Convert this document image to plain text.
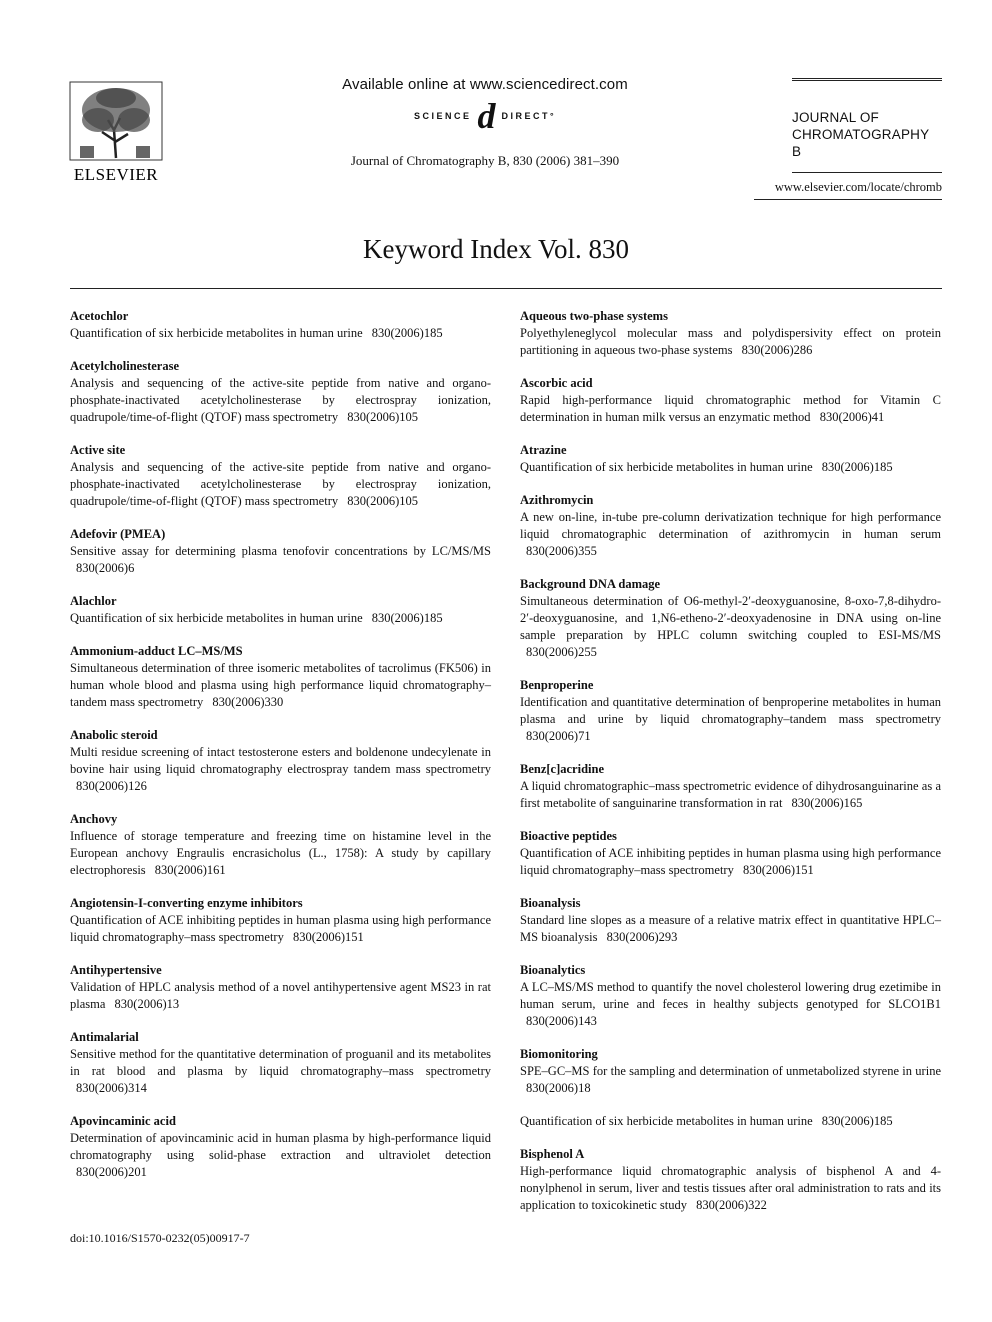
ELSEVIER
Available online at www.sciencedirect.com
SCIENCE d DIRECT°
Journal of Chromatography B, 830 (2006) 381–390
JOURNAL OF
CHROMATOGRAPHY B
www.elsevier.com/locate/chromb
Keyword Index Vol. 830
Acetochlor
Quantification of six herbicide metabolites in human urine 830(2006)185
Acetylcholinesterase
Analysis and sequencing of the active-site peptide from native and organo-phosphate-inactivated acetylcholinesterase by electrospray ionization, quadrupole/time-of-flight (QTOF) mass spectrometry 830(2006)105
Active site
Analysis and sequencing of the active-site peptide from native and organo-phosphate-inactivated acetylcholinesterase by electrospray ionization, quadrupole/time-of-flight (QTOF) mass spectrometry 830(2006)105
Adefovir (PMEA)
Sensitive assay for determining plasma tenofovir concentrations by LC/MS/MS 830(2006)6
Alachlor
Quantification of six herbicide metabolites in human urine 830(2006)185
Ammonium-adduct LC–MS/MS
Simultaneous determination of three isomeric metabolites of tacrolimus (FK506) in human whole blood and plasma using high performance liquid chromatography–tandem mass spectrometry 830(2006)330
Anabolic steroid
Multi residue screening of intact testosterone esters and boldenone undecylenate in bovine hair using liquid chromatography electrospray tandem mass spectrometry 830(2006)126
Anchovy
Influence of storage temperature and freezing time on histamine level in the European anchovy Engraulis encrasicholus (L., 1758): A study by capillary electrophoresis 830(2006)161
Angiotensin-I-converting enzyme inhibitors
Quantification of ACE inhibiting peptides in human plasma using high performance liquid chromatography–mass spectrometry 830(2006)151
Antihypertensive
Validation of HPLC analysis method of a novel antihypertensive agent MS23 in rat plasma 830(2006)13
Antimalarial
Sensitive method for the quantitative determination of proguanil and its metabolites in rat blood and plasma by liquid chromatography–mass spectrometry 830(2006)314
Apovincaminic acid
Determination of apovincaminic acid in human plasma by high-performance liquid chromatography using solid-phase extraction and ultraviolet detection 830(2006)201
Aqueous two-phase systems
Polyethyleneglycol molecular mass and polydispersivity effect on protein partitioning in aqueous two-phase systems 830(2006)286
Ascorbic acid
Rapid high-performance liquid chromatographic method for Vitamin C determination in human milk versus an enzymatic method 830(2006)41
Atrazine
Quantification of six herbicide metabolites in human urine 830(2006)185
Azithromycin
A new on-line, in-tube pre-column derivatization technique for high performance liquid chromatographic determination of azithromycin in human serum 830(2006)355
Background DNA damage
Simultaneous determination of O6-methyl-2′-deoxyguanosine, 8-oxo-7,8-dihydro-2′-deoxyguanosine, and 1,N6-etheno-2′-deoxyadenosine in DNA using on-line sample preparation by HPLC column switching coupled to ESI-MS/MS 830(2006)255
Benproperine
Identification and quantitative determination of benproperine metabolites in human plasma and urine by liquid chromatography–tandem mass spectrometry 830(2006)71
Benz[c]acridine
A liquid chromatographic–mass spectrometric evidence of dihydrosanguinarine as a first metabolite of sanguinarine transformation in rat 830(2006)165
Bioactive peptides
Quantification of ACE inhibiting peptides in human plasma using high performance liquid chromatography–mass spectrometry 830(2006)151
Bioanalysis
Standard line slopes as a measure of a relative matrix effect in quantitative HPLC–MS bioanalysis 830(2006)293
Bioanalytics
A LC–MS/MS method to quantify the novel cholesterol lowering drug ezetimibe in human serum, urine and feces in healthy subjects genotyped for SLCO1B1 830(2006)143
Biomonitoring
SPE–GC–MS for the sampling and determination of unmetabolized styrene in urine 830(2006)18
Quantification of six herbicide metabolites in human urine 830(2006)185
Bisphenol A
High-performance liquid chromatographic analysis of bisphenol A and 4-nonylphenol in serum, liver and testis tissues after oral administration to rats and its application to toxicokinetic study 830(2006)322
doi:10.1016/S1570-0232(05)00917-7
